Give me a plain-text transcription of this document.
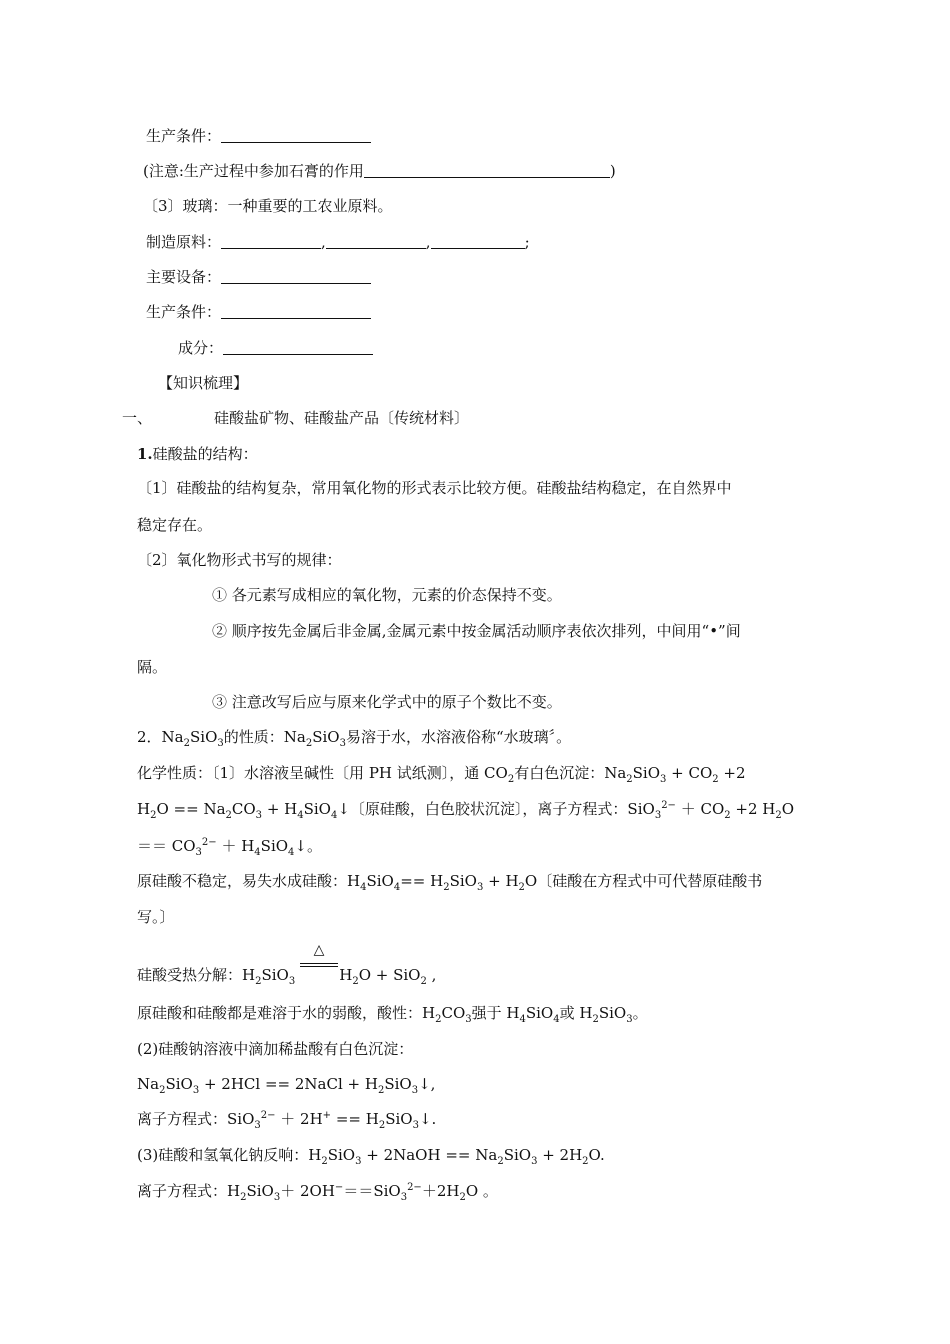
生产条件：
(注意:生产过程中参加石膏的作用	)
〔3〕玻璃：一种重要的工农业原料。
制造原料：	,	,	;
主要设备：
生产条件：
成分：
【知识梳理】
一、	硅酸盐矿物、硅酸盐产品〔传统材料〕
1.硅酸盐的结构：
〔1〕硅酸盐的结构复杂，常用氧化物的形式表示比较方便。硅酸盐结构稳定，在自然界中
稳定存在。
〔2〕氧化物形式书写的规律：
① 各元素写成相应的氧化物，元素的价态保持不变。
② 顺序按先金属后非金属,金属元素中按金属活动顺序表依次排列，中间用“•”间
隔。
③ 注意改写后应与原来化学式中的原子个数比不变。
2．$Na_2SiO_3$的性质：$Na_2SiO_3$易溶于水，水溶液俗称“水玻璃〞。
化学性质：〔1〕水溶液呈碱性〔用 PH 试纸测〕，通 $CO_2$有白色沉淀：$Na_2SiO_3 + CO_2 +2$
$H_2O == Na_2CO_3$ + $H_4SiO_4↓$〔原硅酸，白色胶状沉淀〕，离子方程式：$SiO_3^{2-} + CO_2 +2$ $H_2O$
＝＝ $CO_3^{2-}$ ＋ $H_4SiO_4↓$。
原硅酸不稳定，易失水成硅酸：$H_4SiO_4== H_2SiO_3 + H_2O$〔硅酸在方程式中可代替原硅酸书
写。〕
硅酸受热分解：$H_2SiO_3$	$H_2O + SiO_2$ ,
△
原硅酸和硅酸都是难溶于水的弱酸，酸性：$H_2CO_3$强于 $H_4SiO_4$或 $H_2SiO_3$。
(2)硅酸钠溶液中滴加稀盐酸有白色沉淀：
$Na_2SiO_3 + 2HCl$ == 2NaCl + $H_2SiO_3↓$,
离子方程式：$SiO_3^{2-} + 2H^+ == H_2SiO_3↓$.
(3)硅酸和氢氧化钠反响：$H_2SiO_3$ + 2NaOH == $Na_2SiO_3 + 2H_2O$.
离子方程式：$H_2SiO_3+ 2OH^-==SiO_3^{2-}+2H_2O$ 。
